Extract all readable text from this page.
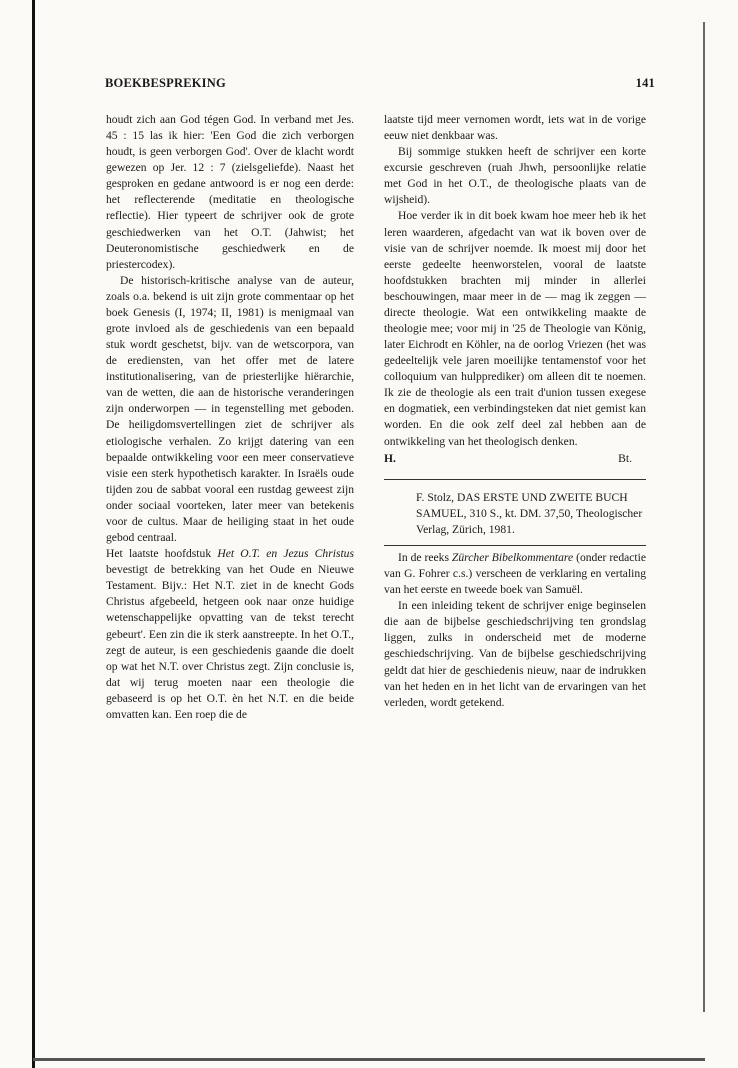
BOEKBESPREKING	141

houdt zich aan God tégen God. In verband met Jes. 45 : 15 las ik hier: 'Een God die zich verborgen houdt, is geen verborgen God'. Over de klacht wordt gewezen op Jer. 12 : 7 (zielsgeliefde). Naast het gesproken en gedane antwoord is er nog een derde: het reflecterende (meditatie en theologische reflectie). Hier typeert de schrijver ook de grote geschiedwerken van het O.T. (Jahwist; het Deuteronomistische geschiedwerk en de priestercodex).

De historisch-kritische analyse van de auteur, zoals o.a. bekend is uit zijn grote commentaar op het boek Genesis (I, 1974; II, 1981) is menigmaal van grote invloed als de geschiedenis van een bepaald stuk wordt geschetst, bijv. van de wetscorpora, van de erediensten, van het offer met de latere institutionalisering, van de priesterlijke hiërarchie, van de wetten, die aan de historische veranderingen zijn onderworpen — in tegenstelling met geboden. De heiligdomsvertellingen ziet de schrijver als etiologische verhalen. Zo krijgt datering van een bepaalde ontwikkeling voor een meer conservatieve visie een sterk hypothetisch karakter. In Israëls oude tijden zou de sabbat vooral een rustdag geweest zijn onder sociaal voorteken, later meer van betekenis voor de cultus. Maar de heiliging staat in het oude gebod centraal.

Het laatste hoofdstuk Het O.T. en Jezus Christus bevestigt de betrekking van het Oude en Nieuwe Testament. Bijv.: Het N.T. ziet in de knecht Gods Christus afgebeeld, hetgeen ook naar onze huidige wetenschappelijke opvatting van de tekst terecht gebeurt'. Een zin die ik sterk aanstreepte. In het O.T., zegt de auteur, is een geschiedenis gaande die doelt op wat het N.T. over Christus zegt. Zijn conclusie is, dat wij terug moeten naar een theologie die gebaseerd is op het O.T. èn het N.T. en die beide omvatten kan. Een roep die de

laatste tijd meer vernomen wordt, iets wat in de vorige eeuw niet denkbaar was.

Bij sommige stukken heeft de schrijver een korte excursie geschreven (ruah Jhwh, persoonlijke relatie met God in het O.T., de theologische plaats van de wijsheid).

Hoe verder ik in dit boek kwam hoe meer heb ik het leren waarderen, afgedacht van wat ik boven over de visie van de schrijver noemde. Ik moest mij door het eerste gedeelte heenworstelen, vooral de laatste hoofdstukken brachten mij minder in allerlei beschouwingen, maar meer in de — mag ik zeggen — directe theologie. Wat een ontwikkeling maakte de theologie mee; voor mij in '25 de Theologie van König, later Eichrodt en Köhler, na de oorlog Vriezen (het was gedeeltelijk vele jaren moeilijke tentamenstof voor het colloquium van hulpprediker) om alleen dit te noemen. Ik zie de theologie als een trait d'union tussen exegese en dogmatiek, een verbindingsteken dat niet gemist kan worden. En die ook zelf deel zal hebben aan de ontwikkeling van het theologisch denken.

H.	Bt.

F. Stolz, DAS ERSTE UND ZWEITE BUCH SAMUEL, 310 S., kt. DM. 37,50, Theologischer Verlag, Zürich, 1981.

In de reeks Zürcher Bibelkommentare (onder redactie van G. Fohrer c.s.) verscheen de verklaring en vertaling van het eerste en tweede boek van Samuël.

In een inleiding tekent de schrijver enige beginselen die aan de bijbelse geschiedschrijving ten grondslag liggen, zulks in onderscheid met de moderne geschiedschrijving. Van de bijbelse geschiedschrijving geldt dat hier de geschiedenis nieuw, naar de indrukken van het heden en in het licht van de ervaringen van het verleden, wordt getekend.
